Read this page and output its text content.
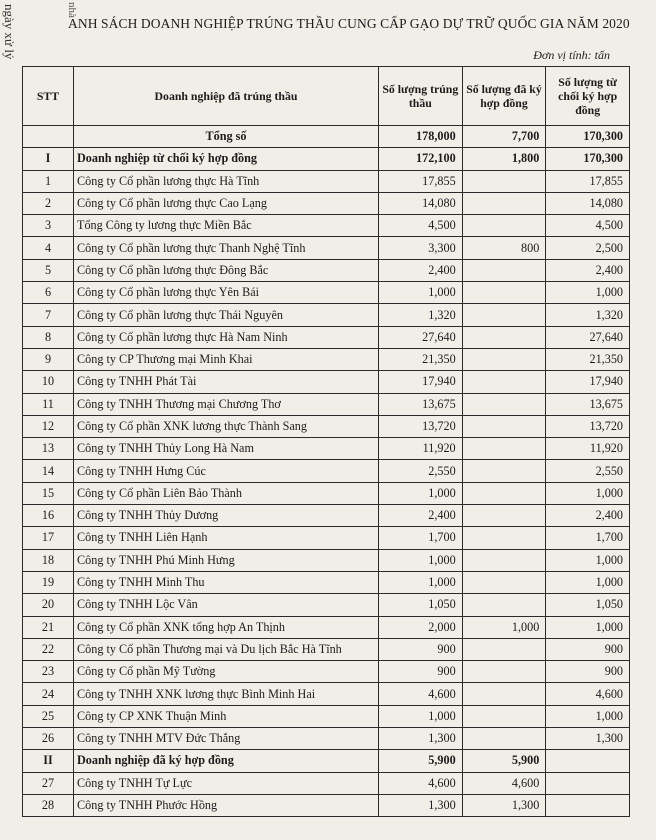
ngày xử lý	nhà
ANH SÁCH DOANH NGHIỆP TRÚNG THẦU CUNG CẤP GẠO DỰ TRỮ QUỐC GIA NĂM 2020
Đơn vị tính: tấn
STT	Doanh nghiệp đã trúng thầu	Số lượng trúng thầu	Số lượng đã ký hợp đồng	Số lượng từ chối ký hợp đồng
	Tổng số	178,000	7,700	170,300
I	Doanh nghiệp từ chối ký hợp đồng	172,100	1,800	170,300
1	Công ty Cổ phần lương thực Hà Tĩnh	17,855		17,855
2	Công ty Cổ phần lương thực Cao Lạng	14,080		14,080
3	Tổng Công ty lương thực Miền Bắc	4,500		4,500
4	Công ty Cổ phần lương thực Thanh Nghệ Tĩnh	3,300	800	2,500
5	Công ty Cổ phần lương thực Đông Bắc	2,400		2,400
6	Công ty Cổ phần lương thực Yên Bái	1,000		1,000
7	Công ty Cổ phần lương thực Thái Nguyên	1,320		1,320
8	Công ty Cổ phần lương thực Hà Nam Ninh	27,640		27,640
9	Công ty CP Thương mại Minh Khai	21,350		21,350
10	Công ty TNHH Phát Tài	17,940		17,940
11	Công ty TNHH Thương mại Chương Thơ	13,675		13,675
12	Công ty Cổ phần XNK lương thực Thành Sang	13,720		13,720
13	Công ty TNHH Thủy Long Hà Nam	11,920		11,920
14	Công ty TNHH Hưng Cúc	2,550		2,550
15	Công ty Cổ phần Liên Bảo Thành	1,000		1,000
16	Công ty TNHH Thủy Dương	2,400		2,400
17	Công ty TNHH Liên Hạnh	1,700		1,700
18	Công ty TNHH Phú Minh Hưng	1,000		1,000
19	Công ty TNHH Minh Thu	1,000		1,000
20	Công ty TNHH Lộc Vân	1,050		1,050
21	Công ty Cổ phần XNK tổng hợp An Thịnh	2,000	1,000	1,000
22	Công ty Cổ phần Thương mại và Du lịch Bắc Hà Tĩnh	900		900
23	Công ty Cổ phần Mỹ Tường	900		900
24	Công ty TNHH XNK lương thực Bình Minh Hai	4,600		4,600
25	Công ty CP XNK Thuận Minh	1,000		1,000
26	Công ty TNHH MTV Đức Thắng	1,300		1,300
II	Doanh nghiệp đã ký hợp đồng	5,900	5,900	
27	Công ty TNHH Tự Lực	4,600	4,600	
28	Công ty TNHH Phước Hồng	1,300	1,300	
